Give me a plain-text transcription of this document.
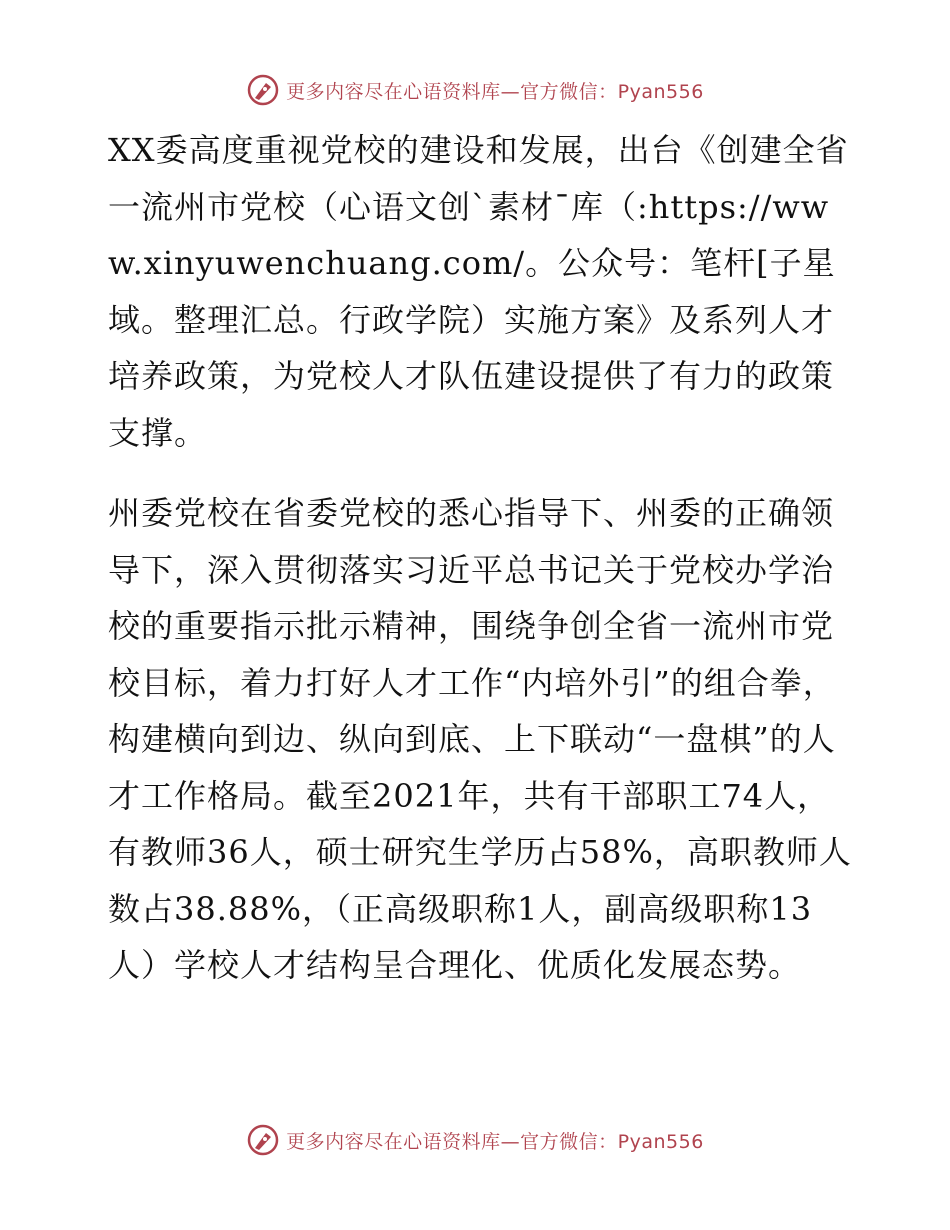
更多内容尽在心语资料库—官方微信：Pyan556

XX委高度重视党校的建设和发展，出台《创建全省一流州市党校（心语文创`素材¯库（:https://www.xinyuwenchuang.com/。公众号：笔杆[子星域。整理汇总。行政学院）实施方案》及系列人才培养政策，为党校人才队伍建设提供了有力的政策支撑。

州委党校在省委党校的悉心指导下、州委的正确领导下，深入贯彻落实习近平总书记关于党校办学治校的重要指示批示精神，围绕争创全省一流州市党校目标，着力打好人才工作“内培外引”的组合拳，构建横向到边、纵向到底、上下联动“一盘棋”的人才工作格局。截至2021年，共有干部职工74人，有教师36人，硕士研究生学历占58%，高职教师人数占38.88%，（正高级职称1人，副高级职称13人）学校人才结构呈合理化、优质化发展态势。

更多内容尽在心语资料库—官方微信：Pyan556
